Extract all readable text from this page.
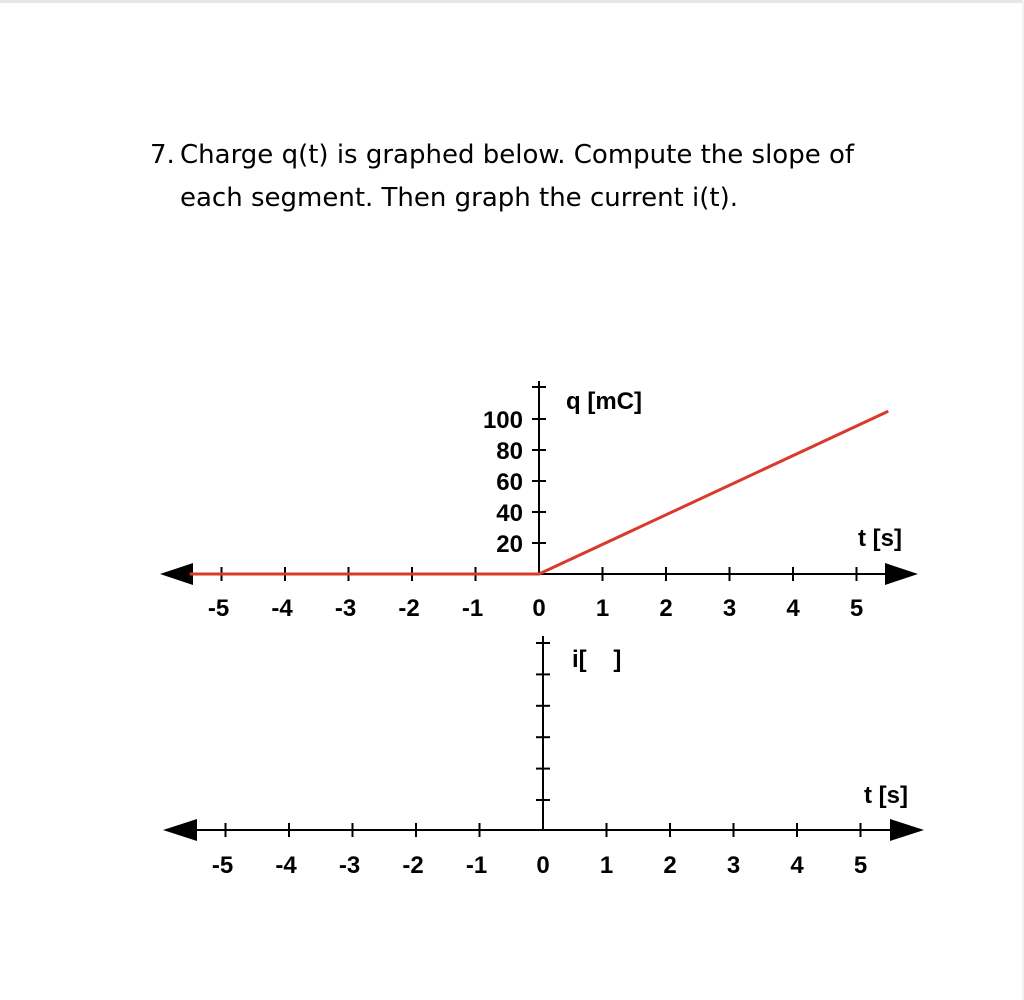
7. Charge q(t) is graphed below. Compute the slope of
each segment. Then graph the current i(t).
-5 -4 -3 -2 -1 0 1 2 3 4 5
20
40
60
80
100
q [mC]
t [s]
-5 -4 -3 -2 -1 0 1 2 3 4 5
i[    ]
t [s]
